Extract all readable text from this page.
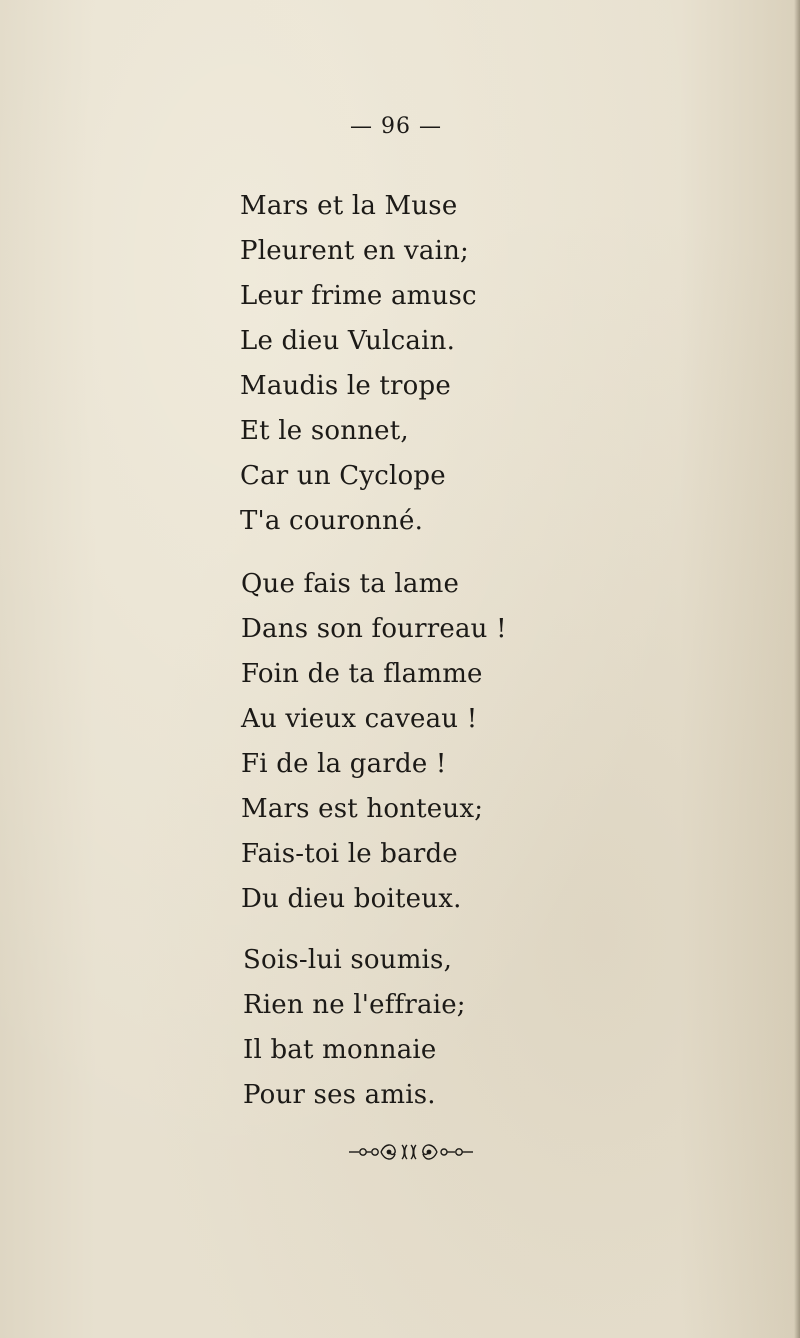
— 96 —
Mars et la Muse
Pleurent en vain;
Leur frime amusc
Le dieu Vulcain.
Maudis le trope
Et le sonnet,
Car un Cyclope
T'a couronné.
Que fais ta lame
Dans son fourreau !
Foin de ta flamme
Au vieux caveau !
Fi de la garde !
Mars est honteux;
Fais-toi le barde
Du dieu boiteux.
Sois-lui soumis,
Rien ne l'effraie;
Il bat monnaie
Pour ses amis.
